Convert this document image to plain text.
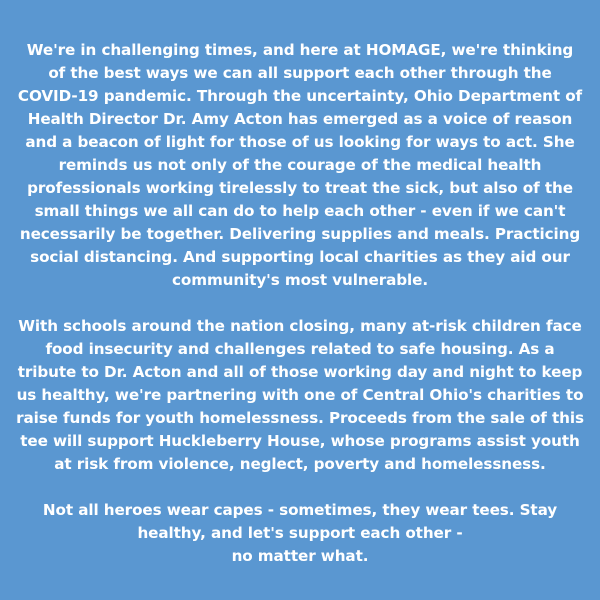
We're in challenging times, and here at HOMAGE, we're thinking
of the best ways we can all support each other through the
COVID-19 pandemic. Through the uncertainty, Ohio Department of
Health Director Dr. Amy Acton has emerged as a voice of reason
and a beacon of light for those of us looking for ways to act. She
reminds us not only of the courage of the medical health
professionals working tirelessly to treat the sick, but also of the
small things we all can do to help each other - even if we can't
necessarily be together. Delivering supplies and meals. Practicing
social distancing. And supporting local charities as they aid our
community's most vulnerable.

With schools around the nation closing, many at-risk children face
food insecurity and challenges related to safe housing. As a
tribute to Dr. Acton and all of those working day and night to keep
us healthy, we're partnering with one of Central Ohio's charities to
raise funds for youth homelessness. Proceeds from the sale of this
tee will support Huckleberry House, whose programs assist youth
at risk from violence, neglect, poverty and homelessness.

Not all heroes wear capes - sometimes, they wear tees. Stay
healthy, and let's support each other -
no matter what.
